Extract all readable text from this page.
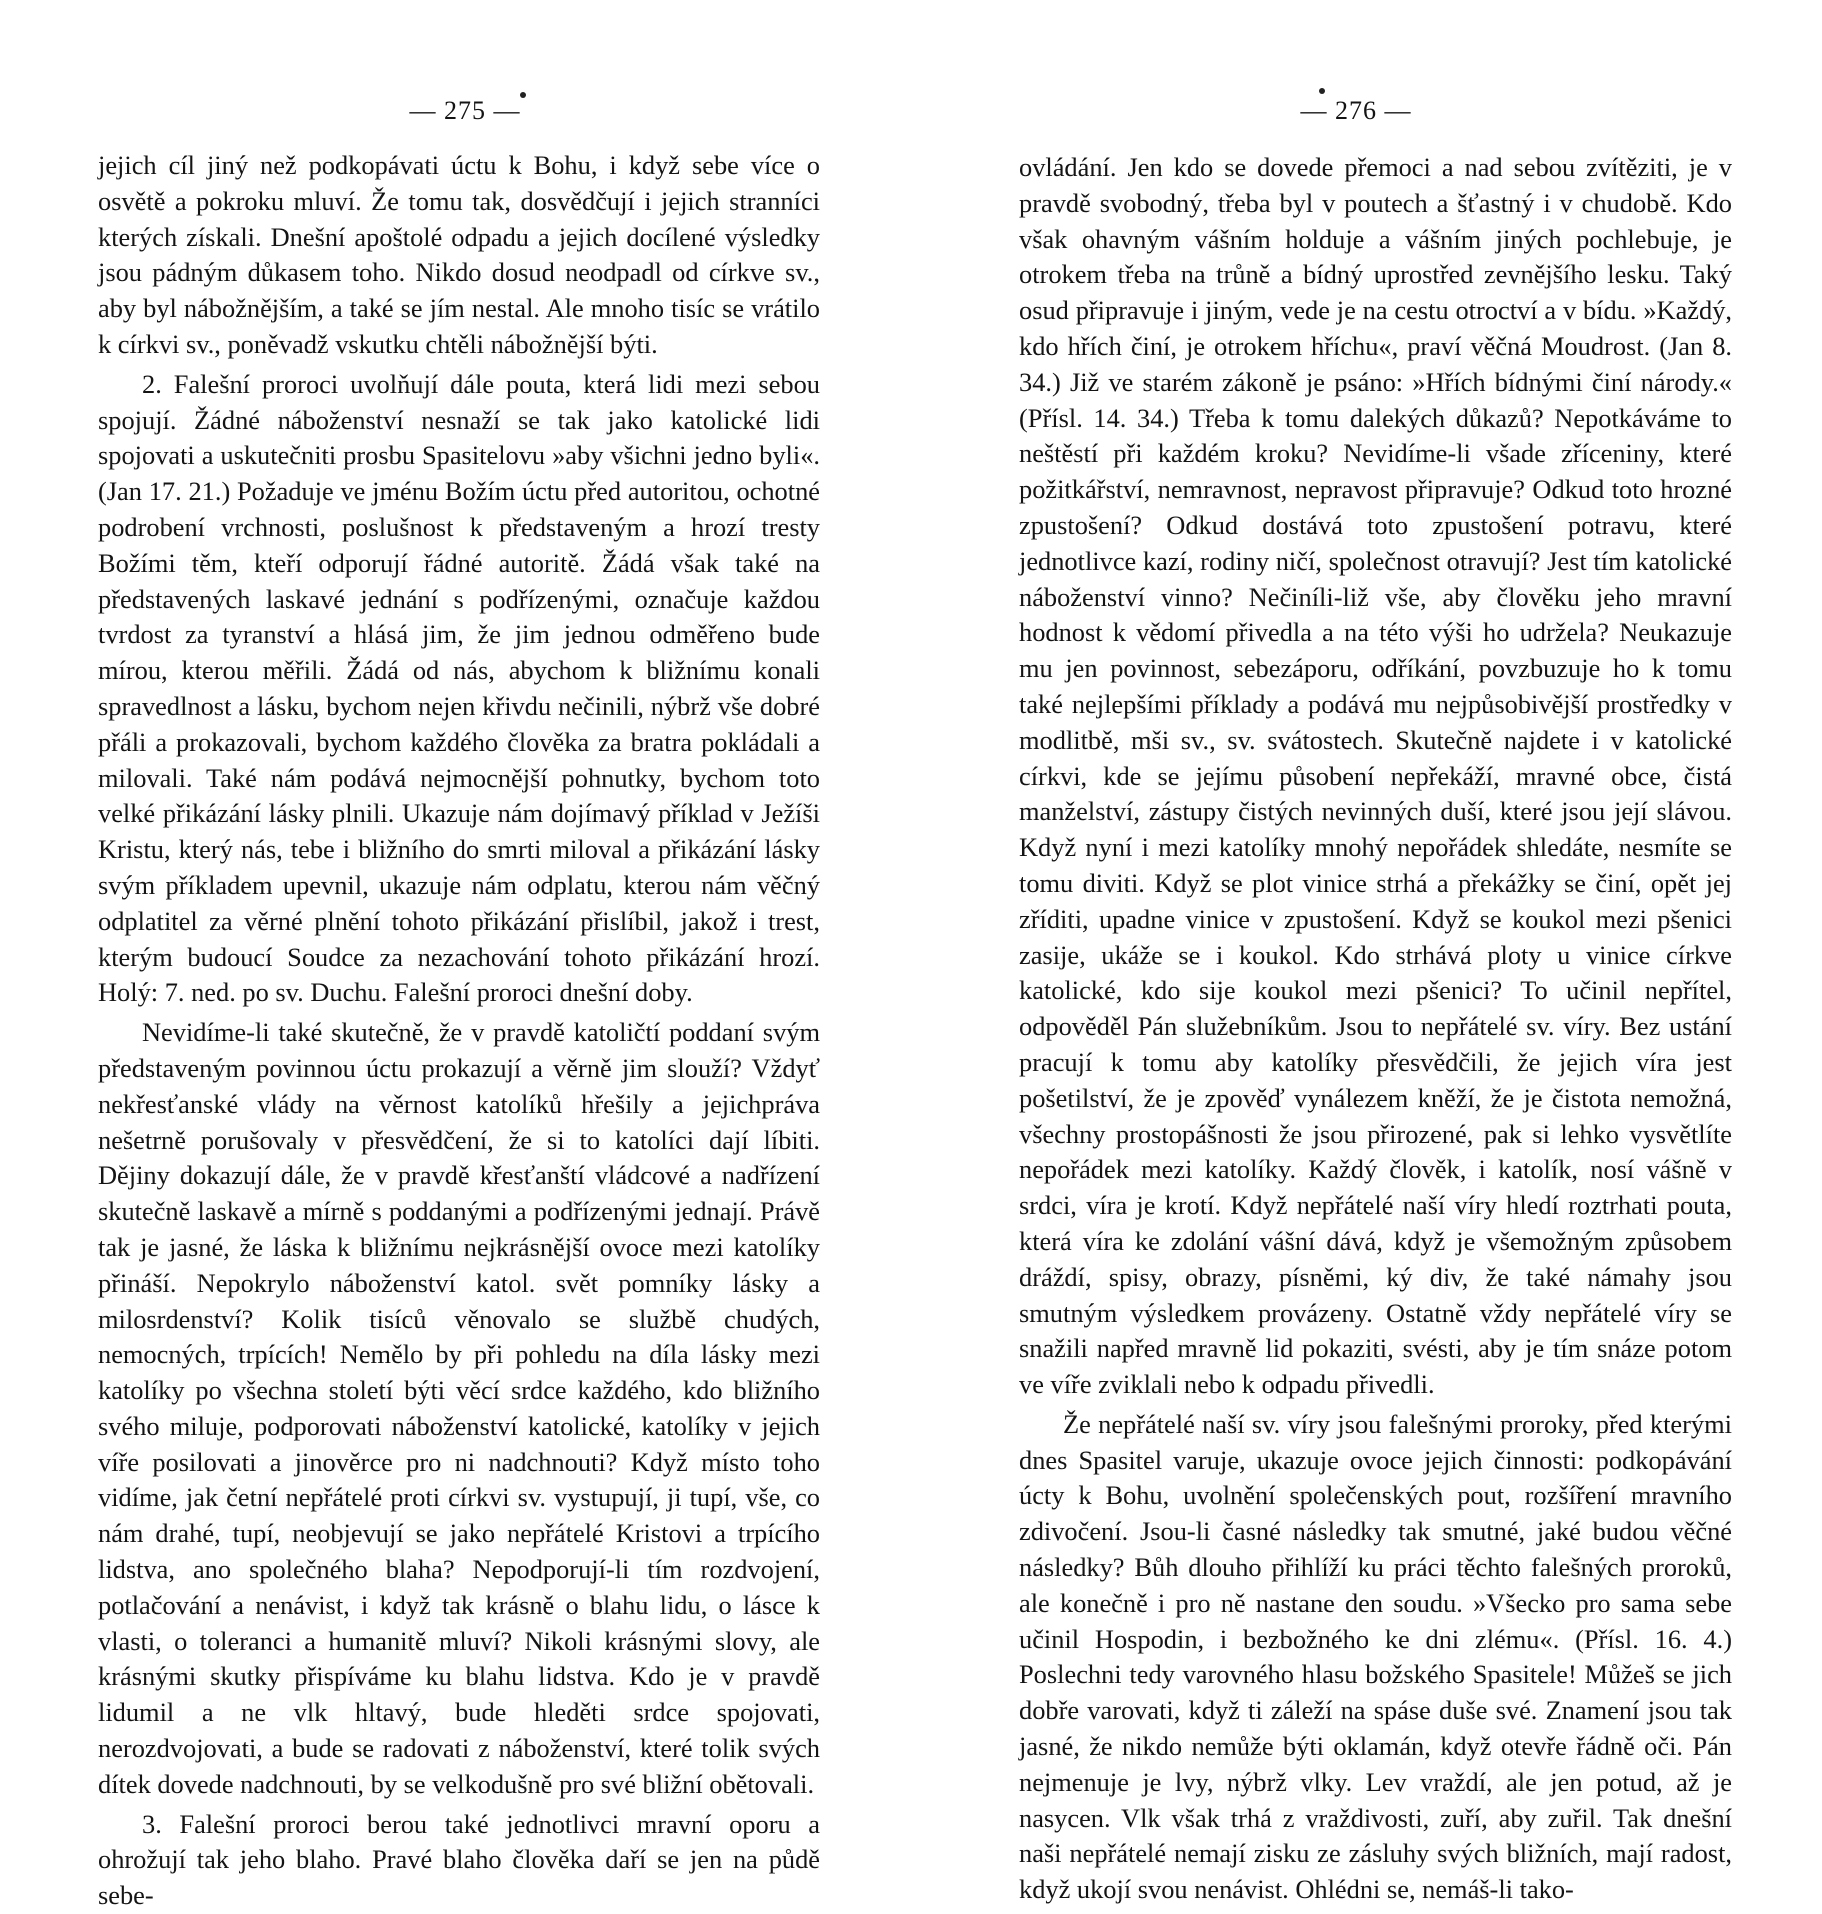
— 275 —

jejich cíl jiný než podkopávati úctu k Bohu, i když sebe více o osvětě a pokroku mluví. Že tomu tak, dosvědčují i jejich stranníci kterých získali. Dnešní apoštolé odpadu a jejich docílené výsledky jsou pádným důkasem toho. Nikdo dosud neodpadl od církve sv., aby byl nábožnějším, a také se jím nestal. Ale mnoho tisíc se vrátilo k církvi sv., poněvadž vskutku chtěli nábožnější býti.

2. Falešní proroci uvolňují dále pouta, která lidi mezi sebou spojují. Žádné náboženství nesnaží se tak jako katolické lidi spojovati a uskutečniti prosbu Spasitelovu »aby všichni jedno byli«. (Jan 17. 21.) Požaduje ve jménu Božím úctu před autoritou, ochotné podrobení vrchnosti, poslušnost k představeným a hrozí tresty Božími těm, kteří odporují řádné autoritě. Žádá však také na představených laskavé jednání s podřízenými, označuje každou tvrdost za tyranství a hlásá jim, že jim jednou odměřeno bude mírou, kterou měřili. Žádá od nás, abychom k bližnímu konali spravedlnost a lásku, bychom nejen křivdu nečinili, nýbrž vše dobré přáli a prokazovali, bychom každého člověka za bratra pokládali a milovali. Také nám podává nejmocnější pohnutky, bychom toto velké přikázání lásky plnili. Ukazuje nám dojímavý příklad v Ježíši Kristu, který nás, tebe i bližního do smrti miloval a přikázání lásky svým příkladem upevnil, ukazuje nám odplatu, kterou nám věčný odplatitel za věrné plnění tohoto přikázání přislíbil, jakož i trest, kterým budoucí Soudce za nezachování tohoto přikázání hrozí. Holý: 7. ned. po sv. Duchu. Falešní proroci dnešní doby.

Nevidíme-li také skutečně, že v pravdě katoličtí poddaní svým představeným povinnou úctu prokazují a věrně jim slouží? Vždyť nekřesťanské vlády na věrnost katolíků hřešily a jejichpráva nešetrně porušovaly v přesvědčení, že si to katolíci dají líbiti. Dějiny dokazují dále, že v pravdě křesťanští vládcové a nadřízení skutečně laskavě a mírně s poddanými a podřízenými jednají. Právě tak je jasné, že láska k bližnímu nejkrásnější ovoce mezi katolíky přináší. Nepokrylo náboženství katol. svět pomníky lásky a milosrdenství? Kolik tisíců věnovalo se službě chudých, nemocných, trpících! Nemělo by při pohledu na díla lásky mezi katolíky po všechna století býti věcí srdce každého, kdo bližního svého miluje, podporovati náboženství katolické, katolíky v jejich víře posilovati a jinověrce pro ni nadchnouti? Když místo toho vidíme, jak četní nepřátelé proti církvi sv. vystupují, ji tupí, vše, co nám drahé, tupí, neobjevují se jako nepřátelé Kristovi a trpícího lidstva, ano společného blaha? Nepodporují-li tím rozdvojení, potlačování a nenávist, i když tak krásně o blahu lidu, o lásce k vlasti, o toleranci a humanitě mluví? Nikoli krásnými slovy, ale krásnými skutky přispíváme ku blahu lidstva. Kdo je v pravdě lidumil a ne vlk hltavý, bude hleděti srdce spojovati, nerozdvojovati, a bude se radovati z náboženství, které tolik svých dítek dovede nadchnouti, by se velkodušně pro své bližní obětovali.

3. Falešní proroci berou také jednotlivci mravní oporu a ohrožují tak jeho blaho. Pravé blaho člověka daří se jen na půdě sebe-

— 276 —

ovládání. Jen kdo se dovede přemoci a nad sebou zvítěziti, je v pravdě svobodný, třeba byl v poutech a šťastný i v chudobě. Kdo však ohavným vášním holduje a vášním jiných pochlebuje, je otrokem třeba na trůně a bídný uprostřed zevnějšího lesku. Taký osud připravuje i jiným, vede je na cestu otroctví a v bídu. »Každý, kdo hřích činí, je otrokem hříchu«, praví věčná Moudrost. (Jan 8. 34.) Již ve starém zákoně je psáno: »Hřích bídnými činí národy.« (Přísl. 14. 34.) Třeba k tomu dalekých důkazů? Nepotkáváme to neštěstí při každém kroku? Nevidíme-li všade zříceniny, které požitkářství, nemravnost, nepravost připravuje? Odkud toto hrozné zpustošení? Odkud dostává toto zpustošení potravu, které jednotlivce kazí, rodiny ničí, společnost otravují? Jest tím katolické náboženství vinno? Nečiníli-liž vše, aby člověku jeho mravní hodnost k vědomí přivedla a na této výši ho udržela? Neukazuje mu jen povinnost, sebezáporu, odříkání, povzbuzuje ho k tomu také nejlepšími příklady a podává mu nejpůsobivější prostředky v modlitbě, mši sv., sv. svátostech. Skutečně najdete i v katolické církvi, kde se jejímu působení nepřekáží, mravné obce, čistá manželství, zástupy čistých nevinných duší, které jsou její slávou. Když nyní i mezi katolíky mnohý nepořádek shledáte, nesmíte se tomu diviti. Když se plot vinice strhá a překážky se činí, opět jej zříditi, upadne vinice v zpustošení. Když se koukol mezi pšenici zasije, ukáže se i koukol. Kdo strhává ploty u vinice církve katolické, kdo sije koukol mezi pšenici? To učinil nepřítel, odpověděl Pán služebníkům. Jsou to nepřátelé sv. víry. Bez ustání pracují k tomu aby katolíky přesvědčili, že jejich víra jest pošetilství, že je zpověď vynálezem kněží, že je čistota nemožná, všechny prostopášnosti že jsou přirozené, pak si lehko vysvětlíte nepořádek mezi katolíky. Každý člověk, i katolík, nosí vášně v srdci, víra je krotí. Když nepřátelé naší víry hledí roztrhati pouta, která víra ke zdolání vášní dává, když je všemožným způsobem dráždí, spisy, obrazy, písněmi, ký div, že také námahy jsou smutným výsledkem provázeny. Ostatně vždy nepřátelé víry se snažili napřed mravně lid pokaziti, svésti, aby je tím snáze potom ve víře zviklali nebo k odpadu přivedli.

Že nepřátelé naší sv. víry jsou falešnými proroky, před kterými dnes Spasitel varuje, ukazuje ovoce jejich činnosti: podkopávání úcty k Bohu, uvolnění společenských pout, rozšíření mravního zdivočení. Jsou-li časné následky tak smutné, jaké budou věčné následky? Bůh dlouho přihlíží ku práci těchto falešných proroků, ale konečně i pro ně nastane den soudu. »Všecko pro sama sebe učinil Hospodin, i bezbožného ke dni zlému«. (Přísl. 16. 4.) Poslechni tedy varovného hlasu božského Spasitele! Můžeš se jich dobře varovati, když ti záleží na spáse duše své. Znamení jsou tak jasné, že nikdo nemůže býti oklamán, když otevře řádně oči. Pán nejmenuje je lvy, nýbrž vlky. Lev vraždí, ale jen potud, až je nasycen. Vlk však trhá z vraždivosti, zuří, aby zuřil. Tak dnešní naši nepřátelé nemají zisku ze zásluhy svých bližních, mají radost, když ukojí svou nenávist. Ohlédni se, nemáš-li tako-
